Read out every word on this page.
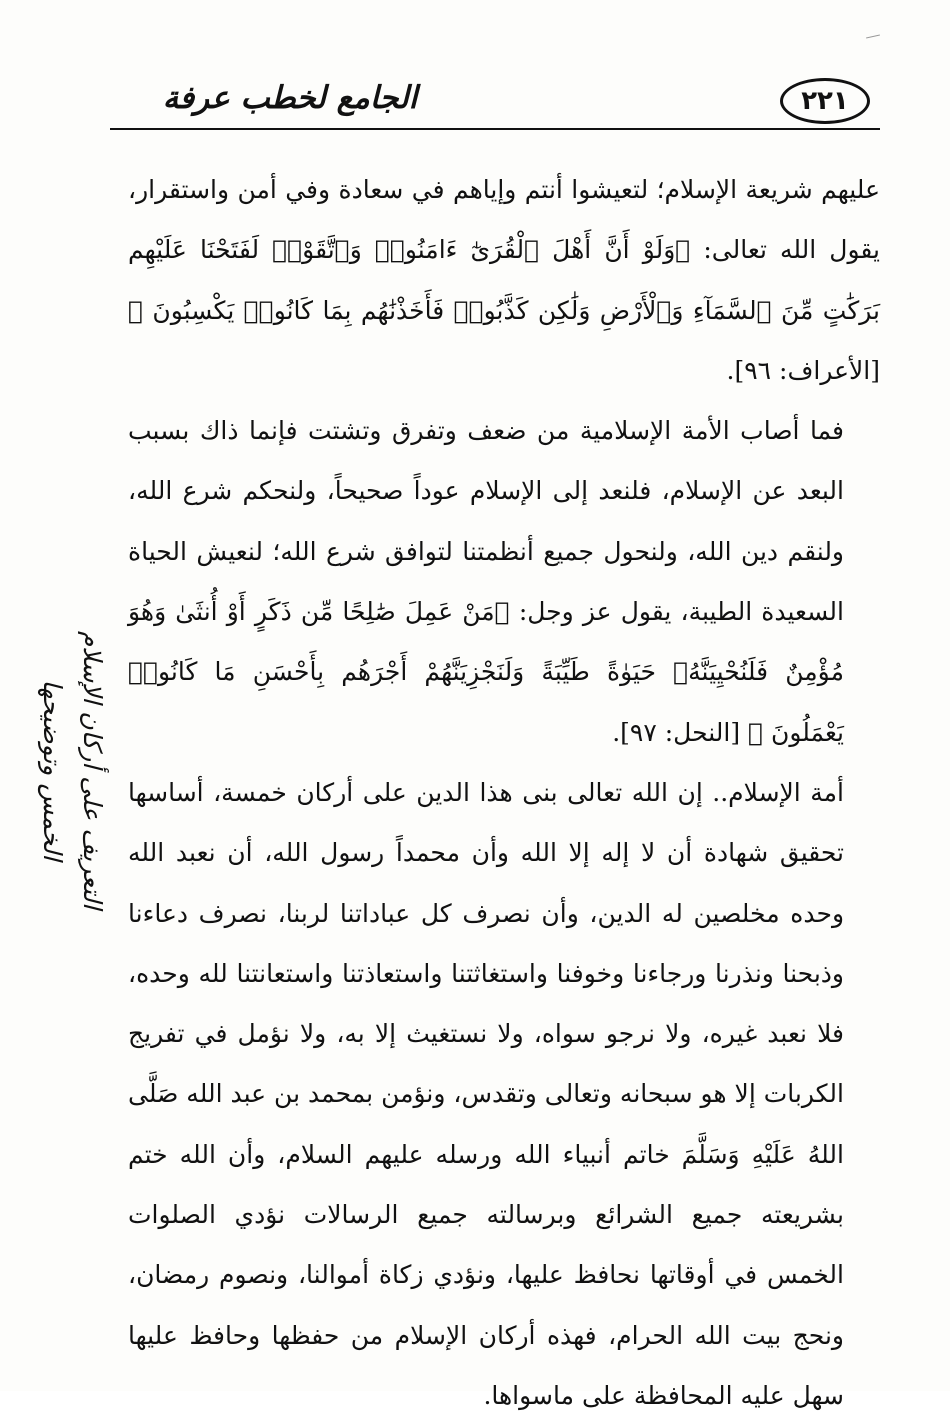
الجامع لخطب عرفة	٢٢١

عليهم شريعة الإسلام؛ لتعيشوا أنتم وإياهم في سعادة وفي أمن واستقرار، يقول الله تعالى: ﴿وَلَوْ أَنَّ أَهْلَ ٱلْقُرَىٰٓ ءَامَنُوا۟ وَٱتَّقَوْا۟ لَفَتَحْنَا عَلَيْهِم بَرَكَٰتٍ مِّنَ ٱلسَّمَآءِ وَٱلْأَرْضِ وَلَٰكِن كَذَّبُوا۟ فَأَخَذْنَٰهُم بِمَا كَانُوا۟ يَكْسِبُونَ ﴾ [الأعراف: ٩٦].

فما أصاب الأمة الإسلامية من ضعف وتفرق وتشتت فإنما ذاك بسبب البعد عن الإسلام، فلنعد إلى الإسلام عوداً صحيحاً، ولنحكم شرع الله، ولنقم دين الله، ولنحول جميع أنظمتنا لتوافق شرع الله؛ لنعيش الحياة السعيدة الطيبة، يقول عز وجل: ﴿مَنْ عَمِلَ صَٰلِحًا مِّن ذَكَرٍ أَوْ أُنثَىٰ وَهُوَ مُؤْمِنٌ فَلَنُحْيِيَنَّهُۥ حَيَوٰةً طَيِّبَةً وَلَنَجْزِيَنَّهُمْ أَجْرَهُم بِأَحْسَنِ مَا كَانُوا۟ يَعْمَلُونَ ﴾ [النحل: ٩٧].

أمة الإسلام.. إن الله تعالى بنى هذا الدين على أركان خمسة، أساسها تحقيق شهادة أن لا إله إلا الله وأن محمداً رسول الله، أن نعبد الله وحده مخلصين له الدين، وأن نصرف كل عباداتنا لربنا، نصرف دعاءنا وذبحنا ونذرنا ورجاءنا وخوفنا واستغاثتنا واستعاذتنا واستعانتنا لله وحده، فلا نعبد غيره، ولا نرجو سواه، ولا نستغيث إلا به، ولا نؤمل في تفريج الكربات إلا هو سبحانه وتعالى وتقدس، ونؤمن بمحمد بن عبد الله صَلَّى اللهُ عَلَيْهِ وَسَلَّمَ خاتم أنبياء الله ورسله عليهم السلام، وأن الله ختم بشريعته جميع الشرائع وبرسالته جميع الرسالات نؤدي الصلوات الخمس في أوقاتها نحافظ عليها، ونؤدي زكاة أموالنا، ونصوم رمضان، ونحج بيت الله الحرام، فهذه أركان الإسلام من حفظها وحافظ عليها سهل عليه المحافظة على ماسواها.

التعريف على أركان الإسلام الخمس وتوضيحها
